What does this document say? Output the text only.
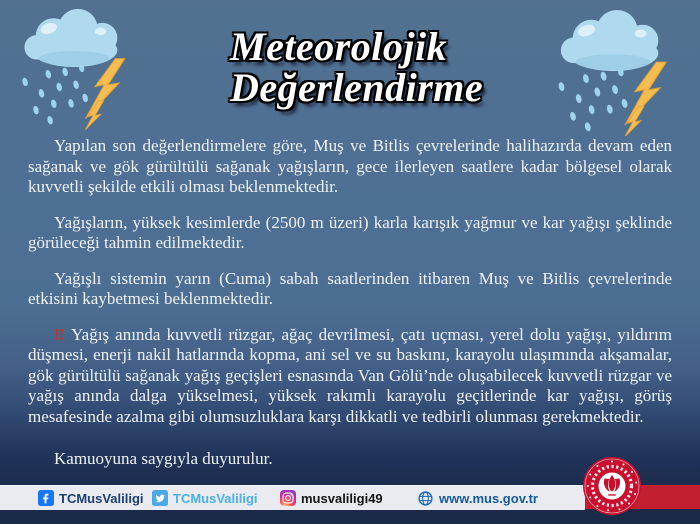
Meteorolojik
Değerlendirme

Yapılan son değerlendirmelere göre, Muş ve Bitlis çevrelerinde halihazırda devam eden sağanak ve gök gürültülü sağanak yağışların, gece ilerleyen saatlere kadar bölgesel olarak kuvvetli şekilde etkili olması beklenmektedir.

Yağışların, yüksek kesimlerde (2500 m üzeri) karla karışık yağmur ve kar yağışı şeklinde görüleceği tahmin edilmektedir.

Yağışlı sistemin yarın (Cuma) sabah saatlerinden itibaren Muş ve Bitlis çevrelerinde etkisini kaybetmesi beklenmektedir.

‼ Yağış anında kuvvetli rüzgar, ağaç devrilmesi, çatı uçması, yerel dolu yağışı, yıldırım düşmesi, enerji nakil hatlarında kopma, ani sel ve su baskını, karayolu ulaşımında akşamalar, gök gürültülü sağanak yağış geçişleri esnasında Van Gölü’nde oluşabilecek kuvvetli rüzgar ve yağış anında dalga yükselmesi, yüksek rakımlı karayolu geçitlerinde kar yağışı, görüş mesafesinde azalma gibi olumsuzluklara karşı dikkatli ve tedbirli olunması gerekmektedir.

Kamuoyuna saygıyla duyurulur.

TCMusValiligi TCMusValiligi	musvaliligi49	www.mus.gov.tr
